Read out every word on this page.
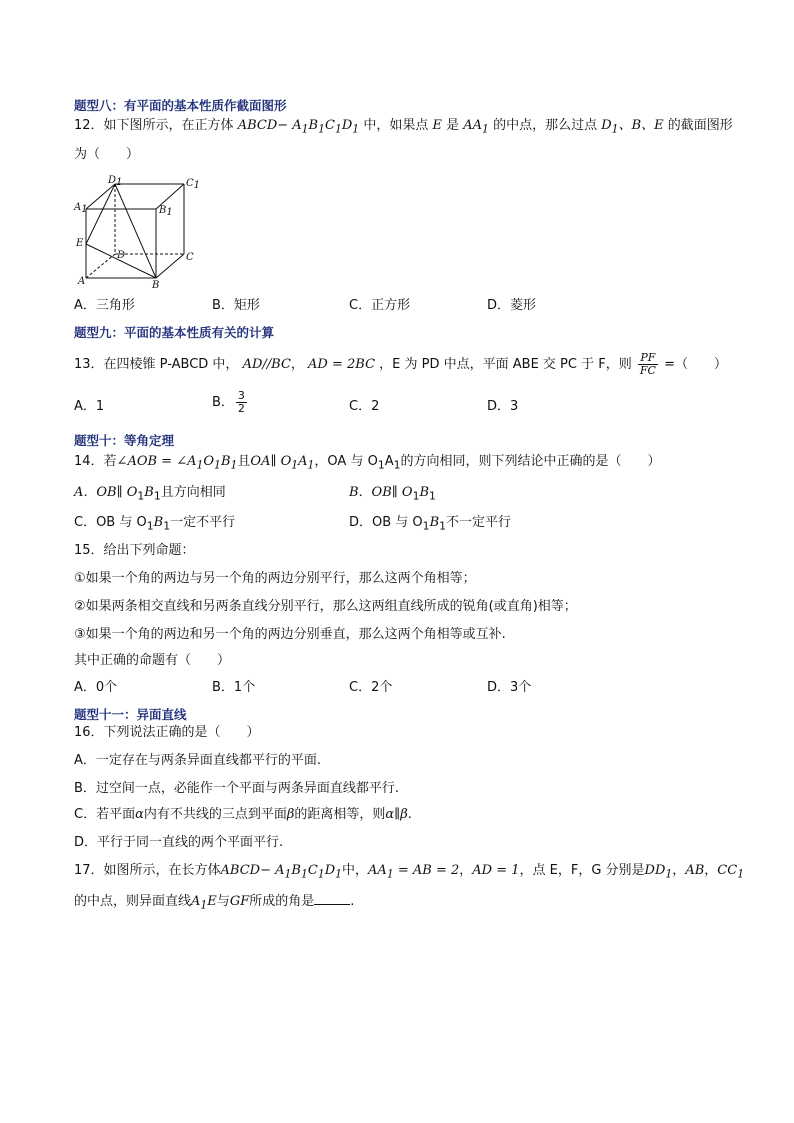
题型八：有平面的基本性质作截面图形
12．如下图所示，在正方体 ABCD− $A_1B_1C_1D_1$ 中，如果点 E 是 $AA_1$ 的中点，那么过点 $D_1$、B、E 的截面图形
为（　　）
D1	C1
A1	B1
E
D	C
A	B
A．三角形	B．矩形	C．正方形	D．菱形
题型九：平面的基本性质有关的计算
13．在四棱锥 P-ABCD 中， AD//BC， AD = 2BC ，E 为 PD 中点，平面 ABE 交 PC 于 F，则 $\frac{PF}{FC}$ =（　　）
A．1	B． $\frac{3}{2}$	C．2	D．3
题型十：等角定理
14．若∠AOB = $\angle A_1O_1B_1$且OA∥ $O_1A_1$，OA 与 $O_1A_1$的方向相同，则下列结论中正确的是（　　）
A．OB∥ $O_1B_1$且方向相同	B．OB∥ $O_1B_1$
C．OB 与 $O_1B_1$一定不平行	D．OB 与 $O_1B_1$不一定平行
15．给出下列命题：
①如果一个角的两边与另一个角的两边分别平行，那么这两个角相等；
②如果两条相交直线和另两条直线分别平行，那么这两组直线所成的锐角(或直角)相等；
③如果一个角的两边和另一个角的两边分别垂直，那么这两个角相等或互补.
其中正确的命题有（　　）
A．0个	B．1个	C．2个	D．3个
题型十一：异面直线
16．下列说法正确的是（　　）
A．一定存在与两条异面直线都平行的平面.
B．过空间一点，必能作一个平面与两条异面直线都平行.
C．若平面α内有不共线的三点到平面β的距离相等，则α∥β.
D．平行于同一直线的两个平面平行.
17．如图所示，在长方体ABCD− $A_1B_1C_1D_1$中，$AA_1$ = AB = 2，AD = 1，点 E，F，G 分别是$DD_1$，AB，$CC_1$
的中点，则异面直线$A_1E$与GF所成的角是	.
